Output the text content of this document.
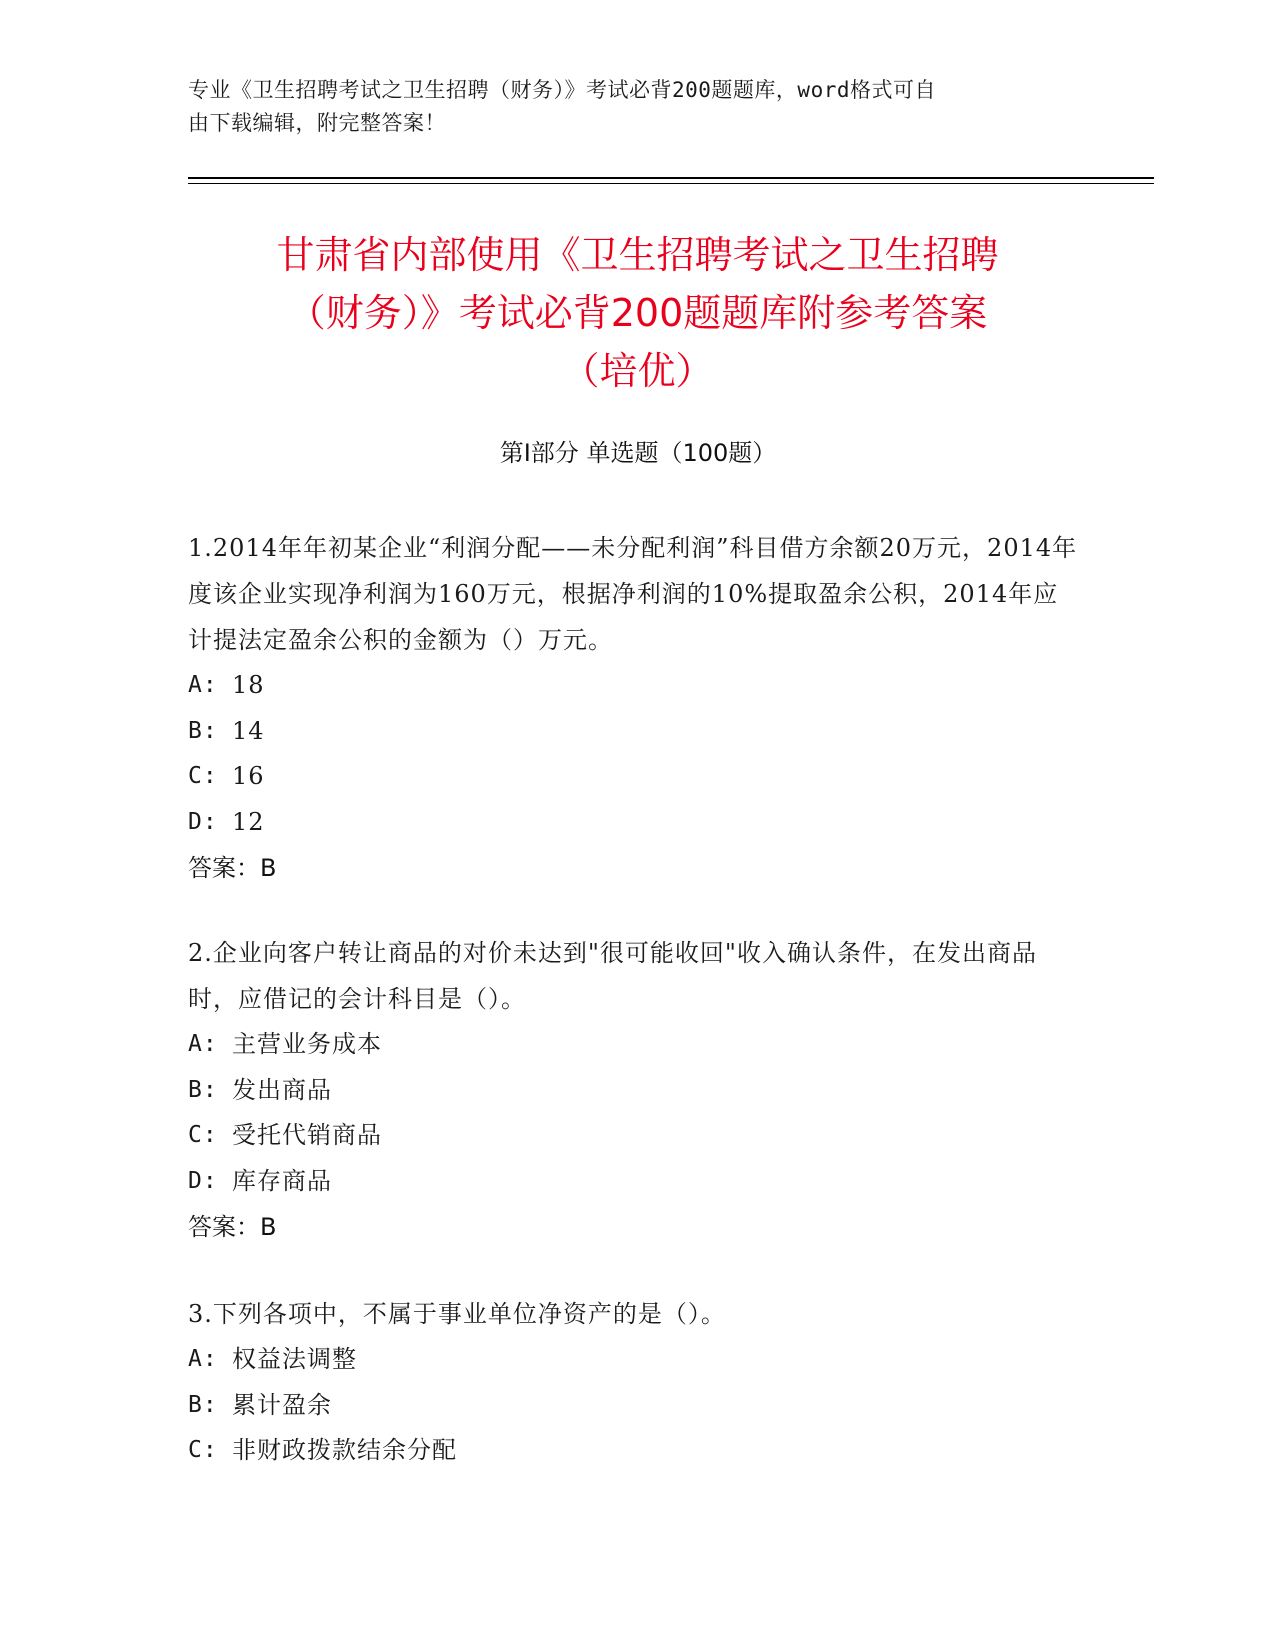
专业《卫生招聘考试之卫生招聘（财务）》考试必背200题题库，word格式可自
由下载编辑，附完整答案！
甘肃省内部使用《卫生招聘考试之卫生招聘
（财务）》考试必背200题题库附参考答案
（培优）
第I部分 单选题（100题）

1.2014年年初某企业“利润分配——未分配利润”科目借方余额20万元，2014年度该企业实现净利润为160万元，根据净利润的10%提取盈余公积，2014年应计提法定盈余公积的金额为（）万元。

A: 18
B: 14
C: 16
D: 12

答案：B

2.企业向客户转让商品的对价未达到"很可能收回"收入确认条件，在发出商品时，应借记的会计科目是（）。

A: 主营业务成本
B: 发出商品
C: 受托代销商品
D: 库存商品

答案：B

3.下列各项中，不属于事业单位净资产的是（）。

A: 权益法调整
B: 累计盈余
C: 非财政拨款结余分配
